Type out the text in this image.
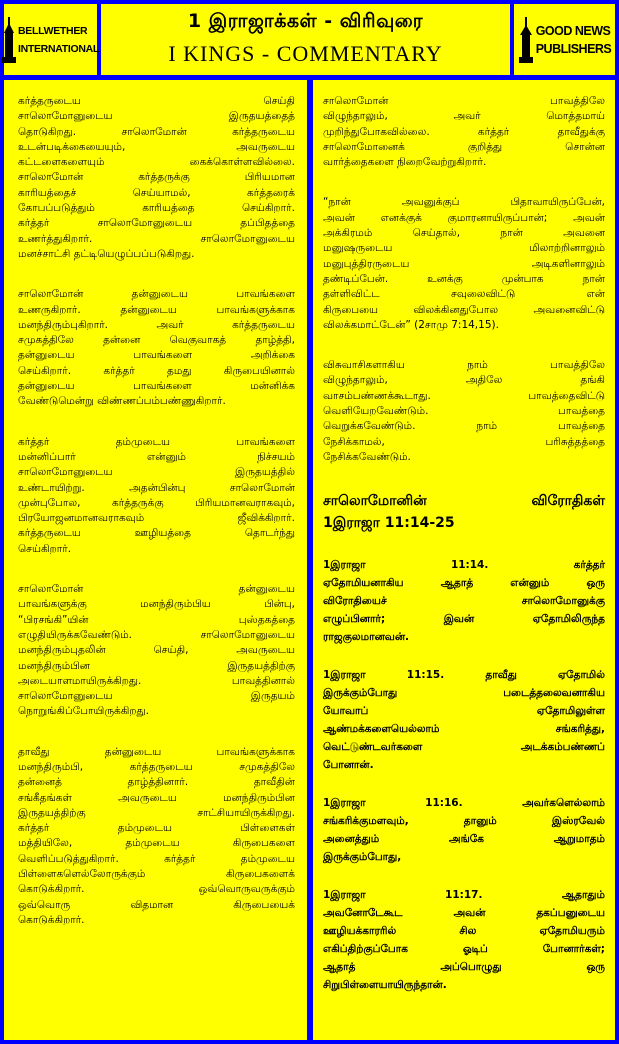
BELLWETHER
INTERNATIONAL
1 இராஜாக்கள் - விரிவுரை
I KINGS - COMMENTARY
GOOD NEWS
PUBLISHERS
கர்த்தருடைய செய்தி
சாலொமோனுடைய இருதயத்தைத்
தொடுகிறது. சாலொமோன் கர்த்தருடைய
உடன்படிக்கையையும், அவருடைய
கட்டளைகளையும் கைக்கொள்ளவில்லை.
சாலொமோன் கர்த்தருக்கு பிரியமான
காரியத்தைச் செய்யாமல், கர்த்தரைக்
கோபப்படுத்தும் காரியத்தை செய்கிறார்.
கர்த்தர் சாலொமோனுடைய தப்பிதத்தை
உணர்த்துகிறார். சாலொமோனுடைய
மனச்சாட்சி தட்டியெழுப்பப்படுகிறது.
சாலொமோன் தன்னுடைய பாவங்களை
உணருகிறார். தன்னுடைய பாவங்களுக்காக
மனந்திரும்புகிறார். அவர் கர்த்தருடைய
சமுகத்திலே தன்னை வெகுவாகத் தாழ்த்தி,
தன்னுடைய பாவங்களை அறிக்கை
செய்கிறார். கர்த்தர் தமது கிருபையினால்
தன்னுடைய பாவங்களை மன்னிக்க
வேண்டுமென்று விண்ணப்பம்பண்ணுகிறார்.
கர்த்தர் தம்முடைய பாவங்களை
மன்னிப்பார் என்னும் நிச்சயம்
சாலொமோனுடைய இருதயத்தில்
உண்டாயிற்று. அதன்பின்பு சாலொமோன்
முன்புபோல, கர்த்தருக்கு பிரியமானவராகவும்,
பிரயோஜனமானவராகவும் ஜீவிக்கிறார்.
கர்த்தருடைய ஊழியத்தை தொடர்ந்து
செய்கிறார்.
சாலொமோன் தன்னுடைய
பாவங்களுக்கு மனந்திரும்பிய பின்பு,
“பிரசங்கி”யின் புஸ்தகத்தை
எழுதியிருக்கவேண்டும். சாலொமோனுடைய
மனந்திரும்புதலின் செய்தி, அவருடைய
மனந்திரும்பின இருதயத்திற்கு
அடையாளமாயிருக்கிறது. பாவத்தினால்
சாலொமோனுடைய இருதயம்
நொறுங்கிப்போயிருக்கிறது.
தாவீது தன்னுடைய பாவங்களுக்காக
மனந்திரும்பி, கர்த்தருடைய சமுகத்திலே
தன்னைத் தாழ்த்தினார். தாவீதின்
சங்கீதங்கள் அவருடைய மனந்திரும்பின
இருதயத்திற்கு சாட்சியாயிருக்கிறது.
கர்த்தர் தம்முடைய பிள்ளைகள்
மத்தியிலே, தம்முடைய கிருபைகளை
வெளிப்படுத்துகிறார். கர்த்தர் தம்முடைய
பிள்ளைகளெல்லோருக்கும் கிருபைகளைக்
கொடுக்கிறார். ஒவ்வொருவருக்கும்
ஒவ்வொரு விதமான கிருபையைக்
கொடுக்கிறார்.
சாலொமோன் பாவத்திலே
விழுந்தாலும், அவர் மொத்தமாய்
முறிந்துபோகவில்லை. கர்த்தர் தாவீதுக்கு
சாலொமோனைக் குறித்து சொன்ன
வார்த்தைகளை நிறைவேற்றுகிறார்.
“நான் அவனுக்குப் பிதாவாயிருப்பேன்,
அவன் எனக்குக் குமாரனாயிருப்பான்; அவன்
அக்கிரமம் செய்தால், நான் அவனை
மனுஷருடைய மிலாற்றினாலும்
மனுபுத்திரருடைய அடிகளினாலும்
தண்டிப்பேன். உனக்கு முன்பாக நான்
தள்ளிவிட்ட சவுலைவிட்டு என்
கிருபையை விலக்கினதுபோல அவனைவிட்டு
விலக்கமாட்டேன்” (2சாமு 7:14,15).
விசுவாசிகளாகிய நாம் பாவத்திலே
விழுந்தாலும், அதிலே தங்கி
வாசம்பண்ணக்கூடாது. பாவத்தைவிட்டு
வெளியேறவேண்டும். பாவத்தை
வெறுக்கவேண்டும். நாம் பாவத்தை
நேசிக்காமல், பரிசுத்தத்தை
நேசிக்கவேண்டும்.
சாலொமோனின் விரோதிகள்
1இராஜா 11:14-25
1இராஜா 11:14. கர்த்தர்
ஏதோமியனாகிய ஆதாத் என்னும் ஒரு
விரோதியைச் சாலொமோனுக்கு
எழுப்பினார்; இவன் ஏதோமிலிருந்த
ராஜகுலமானவன்.
1இராஜா 11:15. தாவீது ஏதோமில்
இருக்கும்போது படைத்தலைவனாகிய
யோவாப் ஏதோமிலுள்ள
ஆண்மக்களையெல்லாம் சங்கரித்து,
வெட்டுண்டவர்களை அடக்கம்பண்ணப்
போனான்.
1இராஜா 11:16. அவர்களெல்லாம்
சங்கரிக்குமளவும், தானும் இஸ்ரவேல்
அனைத்தும் அங்கே ஆறுமாதம்
இருக்கும்போது,
1இராஜா 11:17. ஆதாதும்
அவனோடேகூட அவன் தகப்பனுடைய
ஊழியக்காரரில் சில ஏதோமியரும்
எகிப்திற்குப்போக ஓடிப் போனார்கள்;
ஆதாத் அப்பொழுது ஒரு
சிறுபிள்ளையாயிருந்தான்.
